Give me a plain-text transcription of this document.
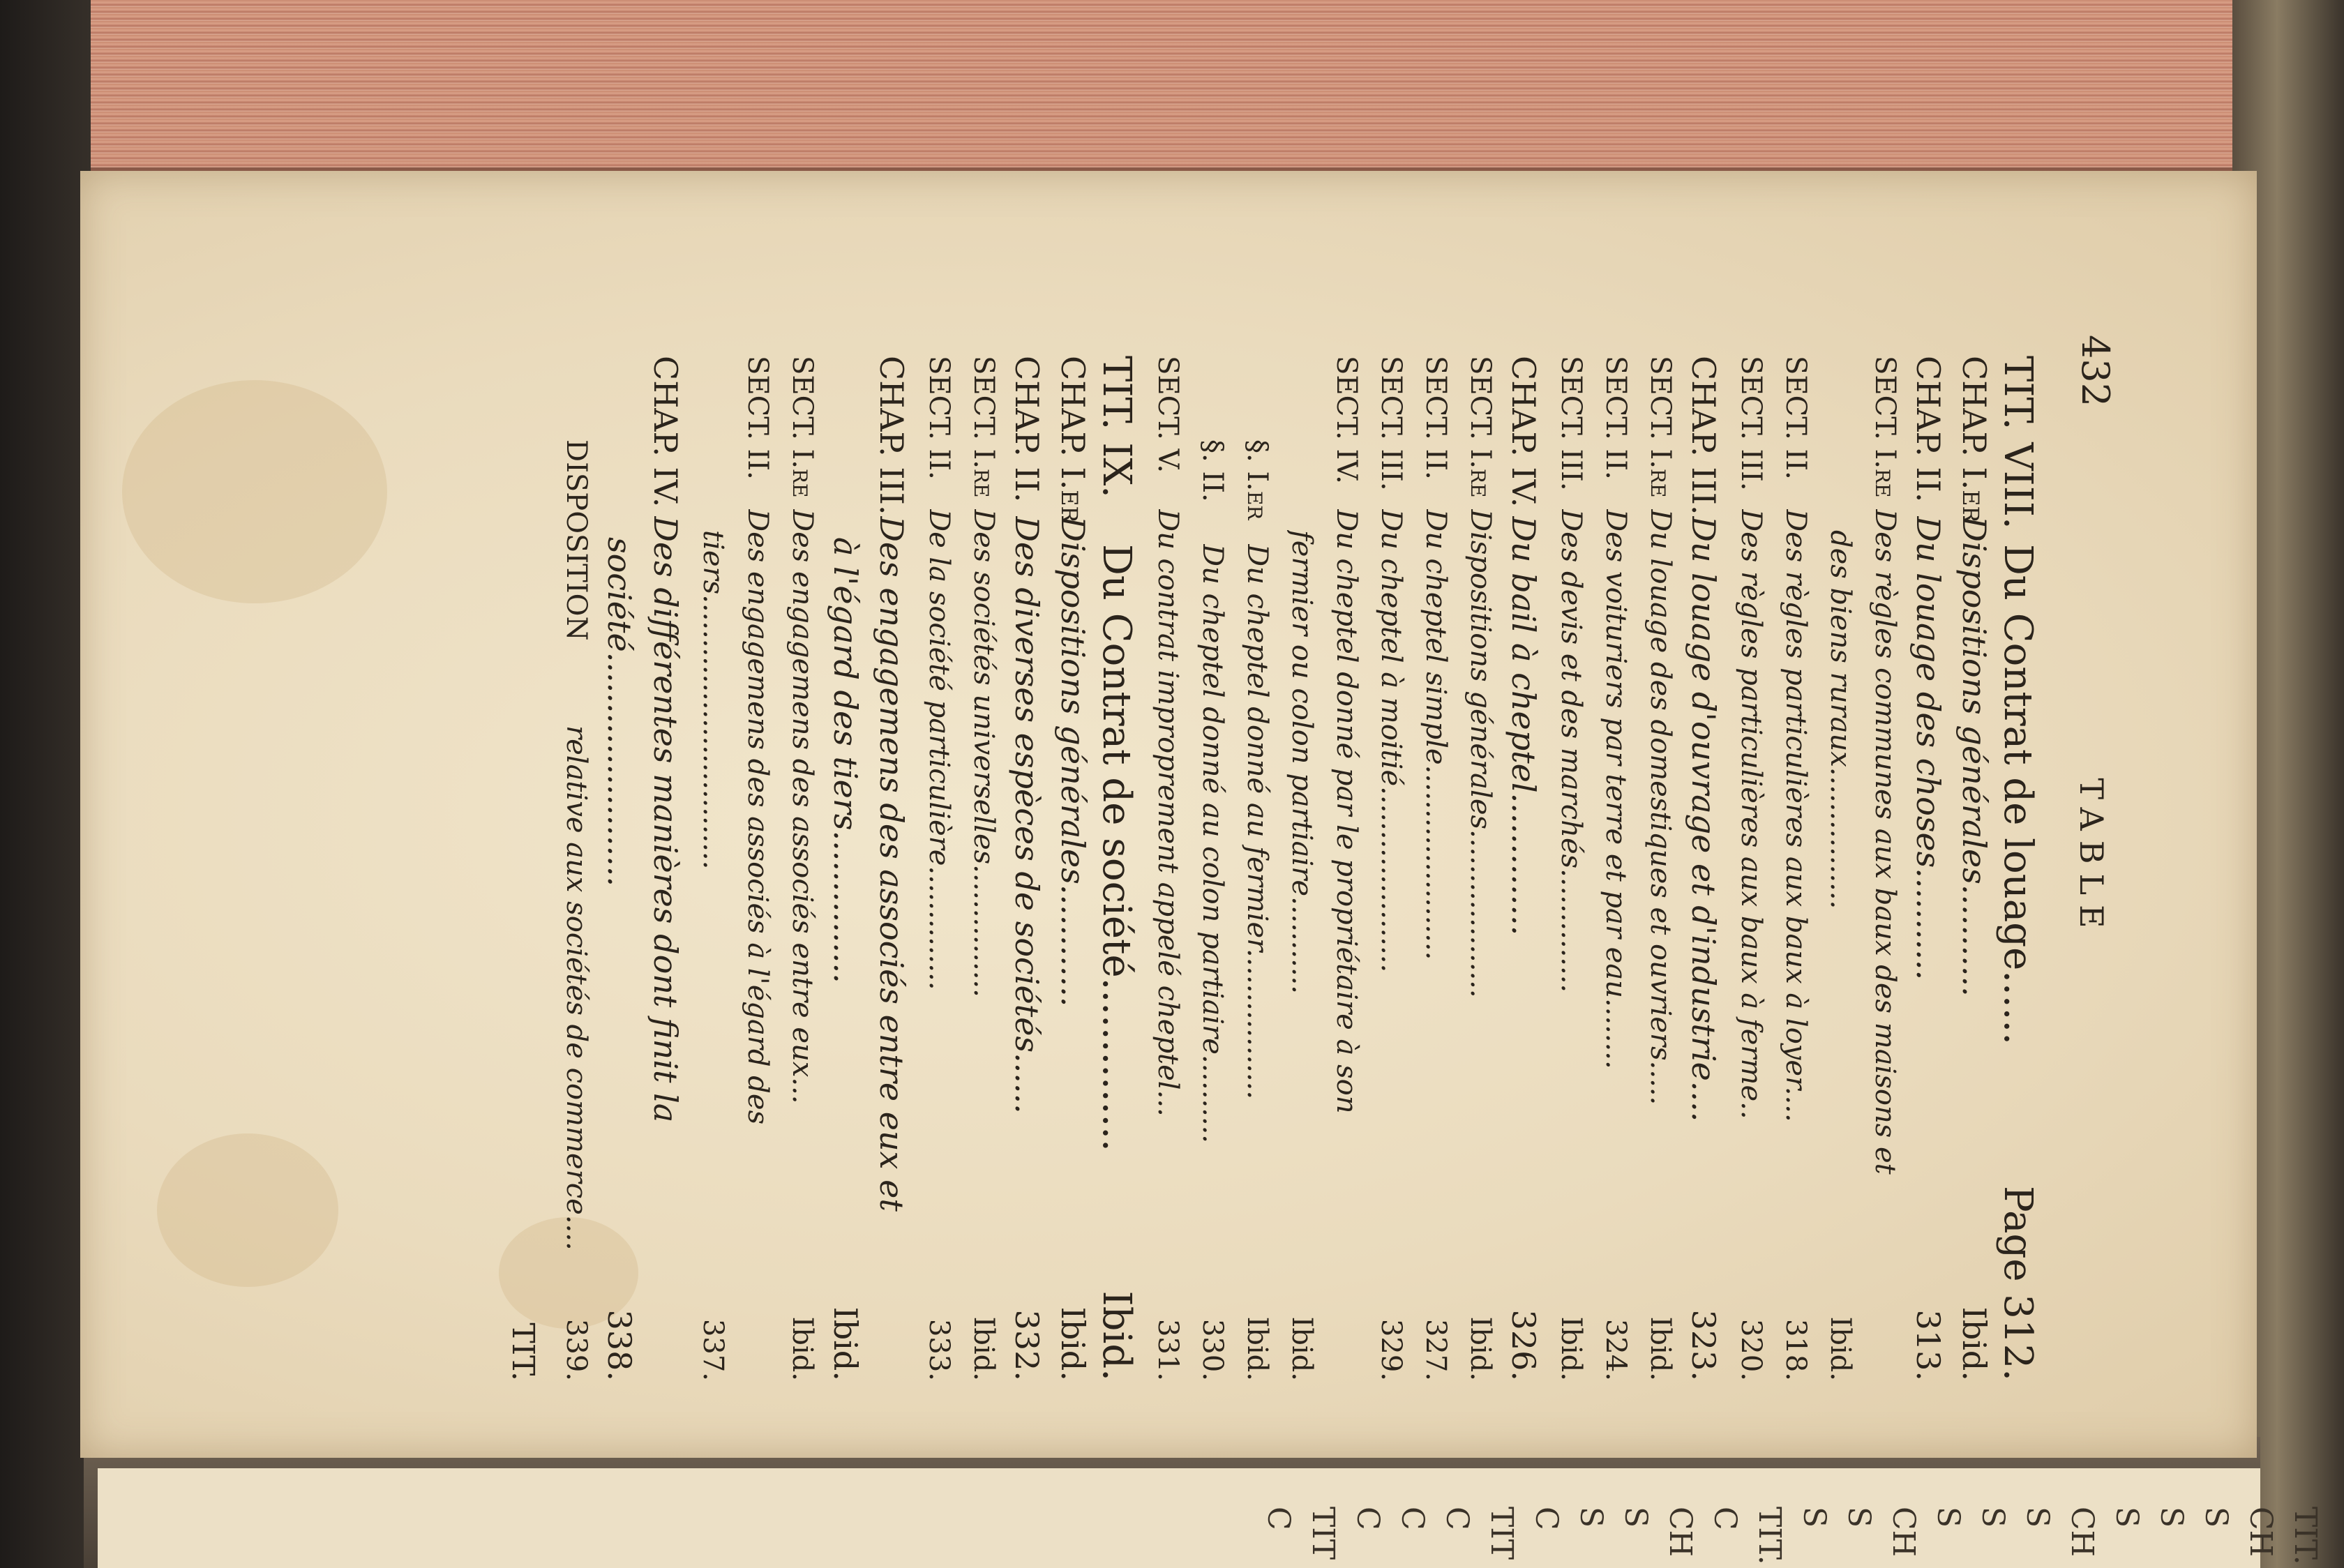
432
TABLE
TIT. VIII.
Du Contrat de louage......
Page 312.
CHAP. I.er
Dispositions générales...........
Ibid.
CHAP. II.
Du louage des choses...........
313.
SECT. I.re
Des règles communes aux baux des maisons et
des biens ruraux................
Ibid.
SECT. II.
Des règles particulières aux baux à loyer....
318.
SECT. III.
Des règles particulières aux baux à ferme..
320.
CHAP. III.
Du louage d'ouvrage et d'industrie....
323.
SECT. I.re
Du louage des domestiques et ouvriers.....
Ibid.
SECT. II.
Des voituriers par terre et par eau........
324.
SECT. III.
Des devis et des marchés..............
Ibid.
CHAP. IV.
Du bail à cheptel..............
326.
SECT. I.re
Dispositions générales...................
Ibid.
SECT. II.
Du cheptel simple......................
327.
SECT. III.
Du cheptel à moitié.....................
329.
SECT. IV.
Du cheptel donné par le propriétaire à son
fermier ou colon partiaire...........
Ibid.
§. I.er
Du cheptel donné au fermier.................
Ibid.
§. II.
Du cheptel donné au colon partiaire..........
330.
SECT. V.
Du contrat improprement appelé cheptel...
331.
TIT. IX.
Du Contrat de société..............
Ibid.
CHAP. I.er
Dispositions générales............
Ibid.
CHAP. II.
Des diverses espèces de sociétés......
332.
SECT. I.re
Des sociétés universelles...............
Ibid.
SECT. II.
De la société particulière..............
333.
CHAP. III.
Des engagemens des associés entre eux et
à l'égard des tiers...............
Ibid.
SECT. I.re
Des engagemens des associés entre eux...
Ibid.
SECT. II.
Des engagemens des associés à l'égard des
tiers...............................
337.
CHAP. IV.
Des différentes manières dont finit la
société.......................
338.
DISPOSITION
relative aux sociétés de commerce....
339.
TIT.
TIT.
CH
S
S
S
CH
S
S
S
CH
S
S
TIT.
C
CH
S
S
C
TIT
C
C
C
TIT
C
